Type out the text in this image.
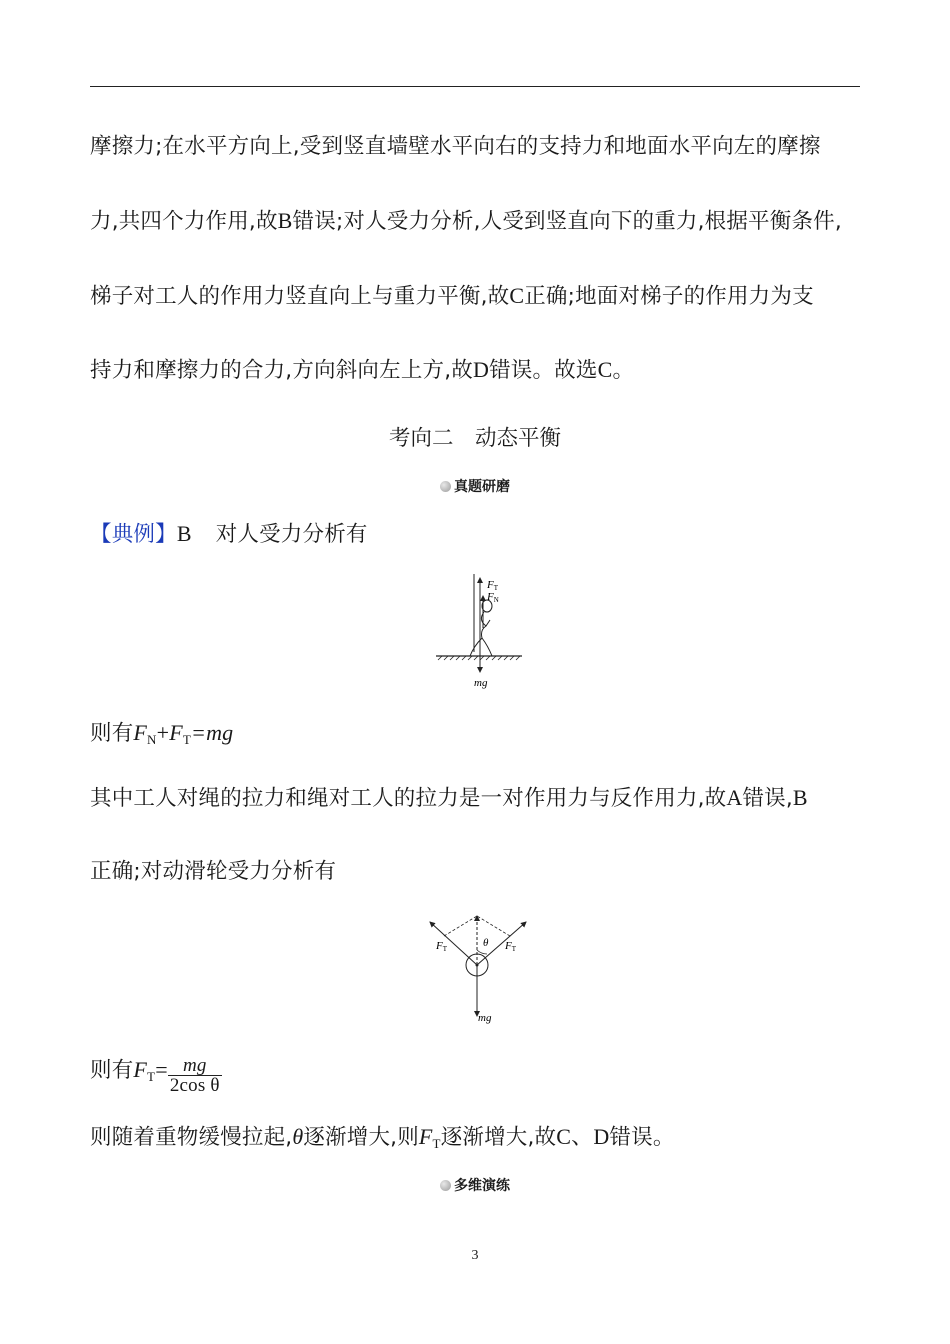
摩擦力;在水平方向上,受到竖直墙壁水平向右的支持力和地面水平向左的摩擦
力,共四个力作用,故B错误;对人受力分析,人受到竖直向下的重力,根据平衡条件,
梯子对工人的作用力竖直向上与重力平衡,故C正确;地面对梯子的作用力为支
持力和摩擦力的合力,方向斜向左上方,故D错误。故选C。
考向二　动态平衡
真题研磨
【典例】B 对人受力分析有
FT
FN
mg
则有$F_N+F_T=mg$
其中工人对绳的拉力和绳对工人的拉力是一对作用力与反作用力,故A错误,B
正确;对动滑轮受力分析有
FT	θ FT
mg
则有$F_T= \frac{mg}{\text{2cos θ}}$
则随着重物缓慢拉起,θ逐渐增大,则$F_T$逐渐增大,故C、D错误。
多维演练
3
